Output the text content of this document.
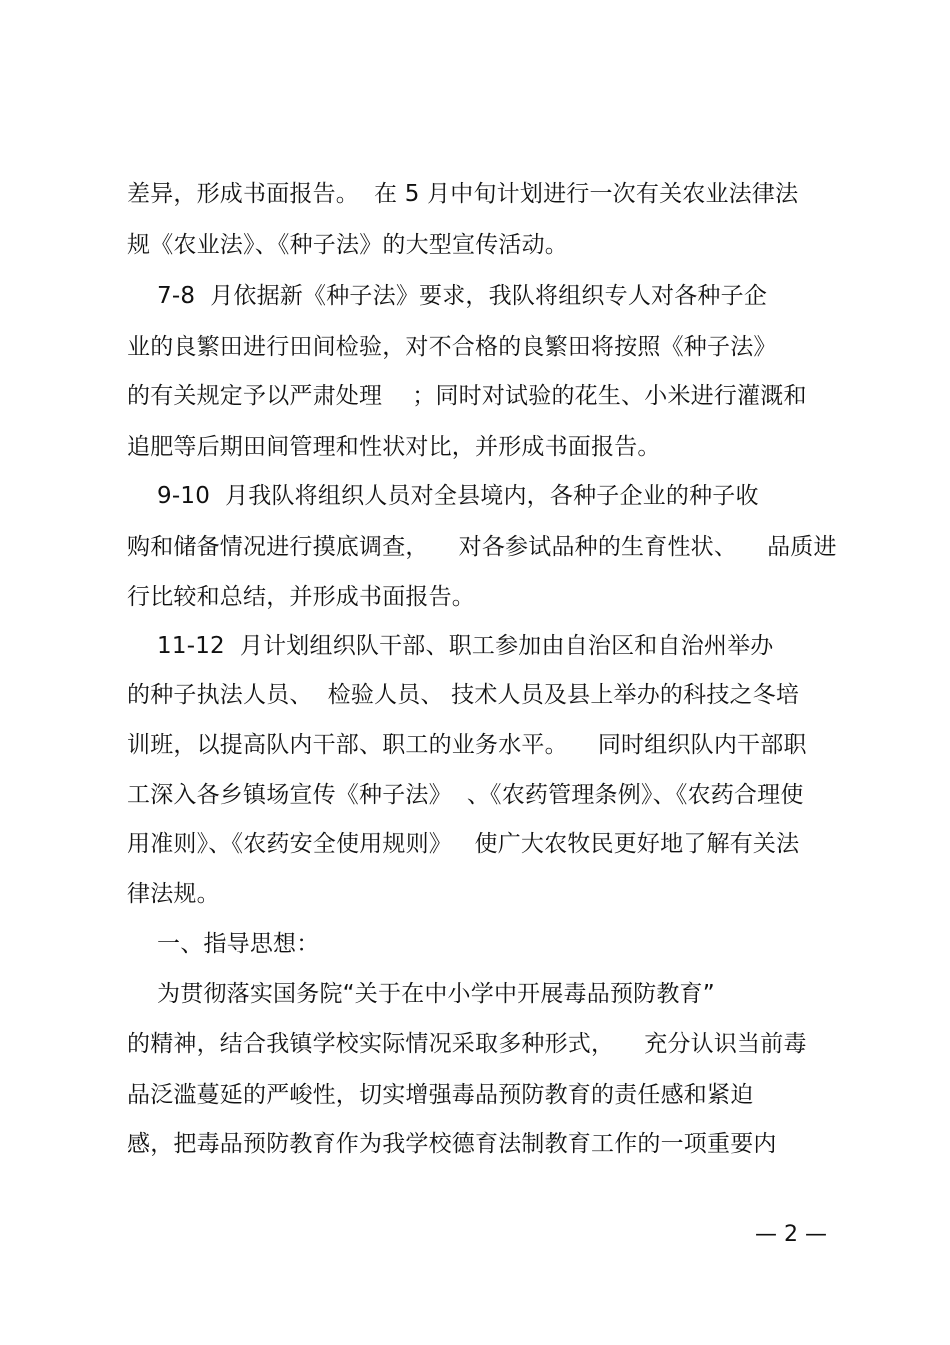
差异，形成书面报告。  在 5 月中旬计划进行一次有关农业法律法
规《农业法》、《种子法》的大型宣传活动。
7-8  月依据新《种子法》要求，我队将组织专人对各种子企
业的良繁田进行田间检验，对不合格的良繁田将按照《种子法》
的有关规定予以严肃处理    ；同时对试验的花生、小米进行灌溉和
追肥等后期田间管理和性状对比，并形成书面报告。
9-10  月我队将组织人员对全县境内，各种子企业的种子收
购和储备情况进行摸底调查，    对各参试品种的生育性状、    品质进
行比较和总结，并形成书面报告。
11-12  月计划组织队干部、职工参加由自治区和自治州举办
的种子执法人员、  检验人员、 技术人员及县上举办的科技之冬培
训班，以提高队内干部、职工的业务水平。    同时组织队内干部职
工深入各乡镇场宣传《种子法》  、《农药管理条例》、《农药合理使
用准则》、《农药安全使用规则》   使广大农牧民更好地了解有关法
律法规。
一、指导思想：
为贯彻落实国务院“关于在中小学中开展毒品预防教育”
的精神，结合我镇学校实际情况采取多种形式，    充分认识当前毒
品泛滥蔓延的严峻性，切实增强毒品预防教育的责任感和紧迫
感，把毒品预防教育作为我学校德育法制教育工作的一项重要内
— 2 —
